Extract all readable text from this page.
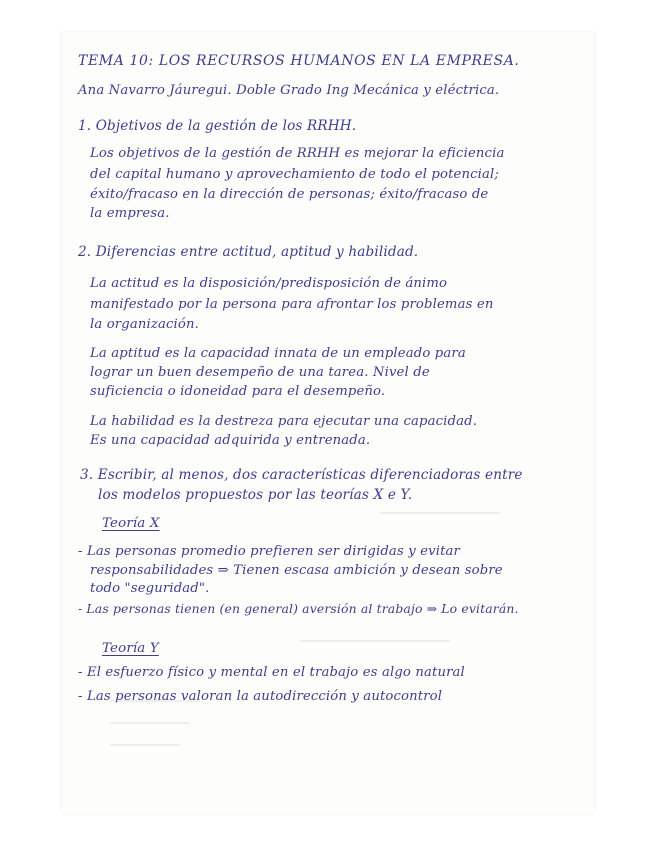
TEMA 10: LOS RECURSOS HUMANOS EN LA EMPRESA.
Ana Navarro Jáuregui. Doble Grado Ing Mecánica y eléctrica.
1. Objetivos de la gestión de los RRHH.
Los objetivos de la gestión de RRHH es mejorar la eficiencia
del capital humano y aprovechamiento de todo el potencial;
éxito/fracaso en la dirección de personas; éxito/fracaso de
la empresa.
2. Diferencias entre actitud, aptitud y habilidad.
La actitud es la disposición/predisposición de ánimo
manifestado por la persona para afrontar los problemas en
la organización.
La aptitud es la capacidad innata de un empleado para
lograr un buen desempeño de una tarea. Nivel de
suficiencia o idoneidad para el desempeño.
La habilidad es la destreza para ejecutar una capacidad.
Es una capacidad adquirida y entrenada.
3. Escribir, al menos, dos características diferenciadoras entre
los modelos propuestos por las teorías X e Y.
Teoría X
- Las personas promedio prefieren ser dirigidas y evitar
responsabilidades ⇒ Tienen escasa ambición y desean sobre
todo "seguridad".
- Las personas tienen (en general) aversión al trabajo ⇒ Lo evitarán.
Teoría Y
- El esfuerzo físico y mental en el trabajo es algo natural
- Las personas valoran la autodirección y autocontrol
